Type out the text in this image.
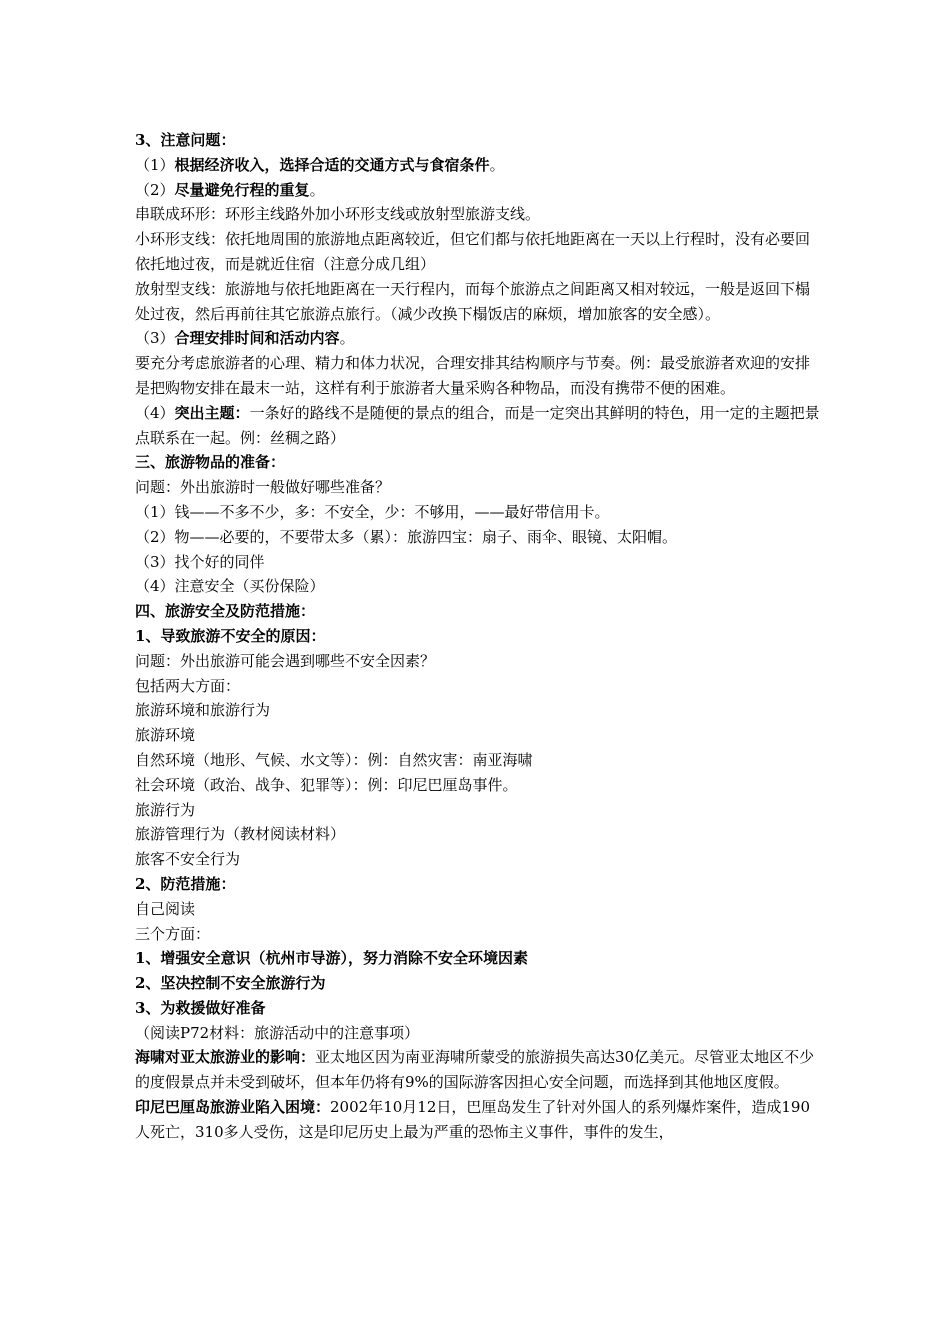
3、注意问题：
（1）根据经济收入，选择合适的交通方式与食宿条件。
（2）尽量避免行程的重复。
串联成环形：环形主线路外加小环形支线或放射型旅游支线。
小环形支线：依托地周围的旅游地点距离较近，但它们都与依托地距离在一天以上行程时，没有必要回依托地过夜，而是就近住宿（注意分成几组）
放射型支线：旅游地与依托地距离在一天行程内，而每个旅游点之间距离又相对较远，一般是返回下榻处过夜，然后再前往其它旅游点旅行。（减少改换下榻饭店的麻烦，增加旅客的安全感）。
（3）合理安排时间和活动内容。
要充分考虑旅游者的心理、精力和体力状况，合理安排其结构顺序与节奏。例：最受旅游者欢迎的安排是把购物安排在最末一站，这样有利于旅游者大量采购各种物品，而没有携带不便的困难。
（4）突出主题：一条好的路线不是随便的景点的组合，而是一定突出其鲜明的特色，用一定的主题把景点联系在一起。例：丝稠之路）
三、旅游物品的准备：
问题：外出旅游时一般做好哪些准备？
（1）钱——不多不少，多：不安全，少：不够用，——最好带信用卡。
（2）物——必要的，不要带太多（累）：旅游四宝：扇子、雨伞、眼镜、太阳帽。
（3）找个好的同伴
（4）注意安全（买份保险）
四、旅游安全及防范措施：
1、导致旅游不安全的原因：
问题：外出旅游可能会遇到哪些不安全因素？
包括两大方面：
旅游环境和旅游行为
旅游环境
自然环境（地形、气候、水文等）：例：自然灾害：南亚海啸
社会环境（政治、战争、犯罪等）：例：印尼巴厘岛事件。
旅游行为
旅游管理行为（教材阅读材料）
旅客不安全行为
2、防范措施：
自己阅读
三个方面：
1、增强安全意识（杭州市导游），努力消除不安全环境因素
2、坚决控制不安全旅游行为
3、为救援做好准备
（阅读P72材料：旅游活动中的注意事项）
海啸对亚太旅游业的影响：亚太地区因为南亚海啸所蒙受的旅游损失高达30亿美元。尽管亚太地区不少的度假景点并未受到破坏，但本年仍将有9%的国际游客因担心安全问题，而选择到其他地区度假。
印尼巴厘岛旅游业陷入困境：2002年10月12日，巴厘岛发生了针对外国人的系列爆炸案件，造成190人死亡，310多人受伤，这是印尼历史上最为严重的恐怖主义事件，事件的发生，
